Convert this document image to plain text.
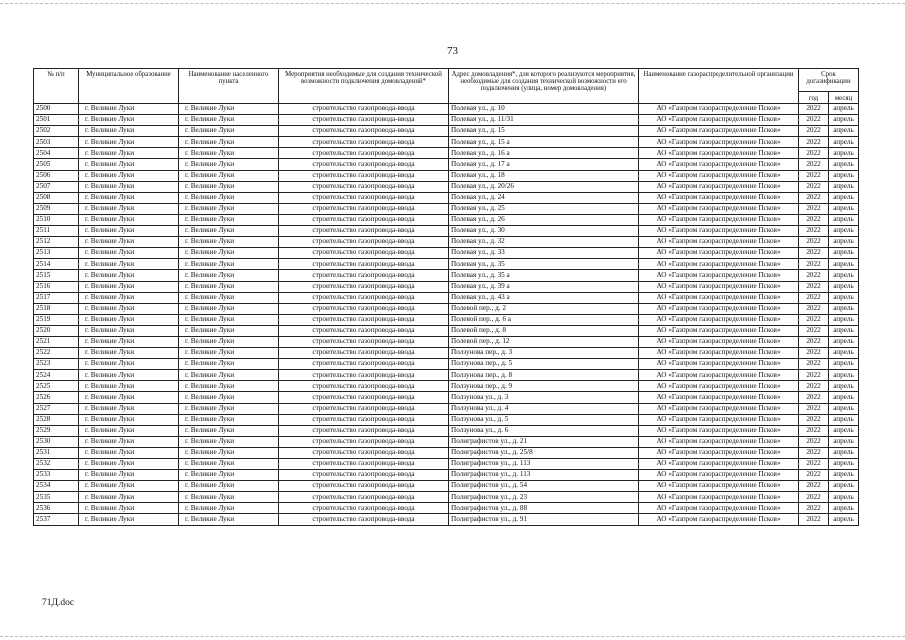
73
№ п/п	Муниципальное образование	Наименование населенного пункта	Мероприятия необходимые для создания технической возможности подключения домовладений*	Адрес домовладения*, для которого реализуются мероприятия, необходимые для создания технической возможности его подключения (улица, номер домовладения)	Наименование газораспределительной организации	Срок догазификации	
						год	месяц
2500	г. Великие Луки	г. Великие Луки	строительство газопровода-ввода	Полевая ул., д. 10	АО «Газпром газораспределение Псков»	2022	апрель
2501	г. Великие Луки	г. Великие Луки	строительство газопровода-ввода	Полевая ул., д. 11/31	АО «Газпром газораспределение Псков»	2022	апрель
2502	г. Великие Луки	г. Великие Луки	строительство газопровода-ввода	Полевая ул., д. 15	АО «Газпром газораспределение Псков»	2022	апрель
2503	г. Великие Луки	г. Великие Луки	строительство газопровода-ввода	Полевая ул., д. 15 а	АО «Газпром газораспределение Псков»	2022	апрель
2504	г. Великие Луки	г. Великие Луки	строительство газопровода-ввода	Полевая ул., д. 16 а	АО «Газпром газораспределение Псков»	2022	апрель
2505	г. Великие Луки	г. Великие Луки	строительство газопровода-ввода	Полевая ул., д. 17 а	АО «Газпром газораспределение Псков»	2022	апрель
2506	г. Великие Луки	г. Великие Луки	строительство газопровода-ввода	Полевая ул., д. 18	АО «Газпром газораспределение Псков»	2022	апрель
2507	г. Великие Луки	г. Великие Луки	строительство газопровода-ввода	Полевая ул., д. 20/26	АО «Газпром газораспределение Псков»	2022	апрель
2508	г. Великие Луки	г. Великие Луки	строительство газопровода-ввода	Полевая ул., д. 24	АО «Газпром газораспределение Псков»	2022	апрель
2509	г. Великие Луки	г. Великие Луки	строительство газопровода-ввода	Полевая ул., д. 25	АО «Газпром газораспределение Псков»	2022	апрель
2510	г. Великие Луки	г. Великие Луки	строительство газопровода-ввода	Полевая ул., д. 26	АО «Газпром газораспределение Псков»	2022	апрель
2511	г. Великие Луки	г. Великие Луки	строительство газопровода-ввода	Полевая ул., д. 30	АО «Газпром газораспределение Псков»	2022	апрель
2512	г. Великие Луки	г. Великие Луки	строительство газопровода-ввода	Полевая ул., д. 32	АО «Газпром газораспределение Псков»	2022	апрель
2513	г. Великие Луки	г. Великие Луки	строительство газопровода-ввода	Полевая ул., д. 33	АО «Газпром газораспределение Псков»	2022	апрель
2514	г. Великие Луки	г. Великие Луки	строительство газопровода-ввода	Полевая ул., д. 35	АО «Газпром газораспределение Псков»	2022	апрель
2515	г. Великие Луки	г. Великие Луки	строительство газопровода-ввода	Полевая ул., д. 35 а	АО «Газпром газораспределение Псков»	2022	апрель
2516	г. Великие Луки	г. Великие Луки	строительство газопровода-ввода	Полевая ул., д. 39 а	АО «Газпром газораспределение Псков»	2022	апрель
2517	г. Великие Луки	г. Великие Луки	строительство газопровода-ввода	Полевая ул., д. 43 а	АО «Газпром газораспределение Псков»	2022	апрель
2518	г. Великие Луки	г. Великие Луки	строительство газопровода-ввода	Полевой пер., д. 2	АО «Газпром газораспределение Псков»	2022	апрель
2519	г. Великие Луки	г. Великие Луки	строительство газопровода-ввода	Полевой пер., д. 6 а	АО «Газпром газораспределение Псков»	2022	апрель
2520	г. Великие Луки	г. Великие Луки	строительство газопровода-ввода	Полевой пер., д. 8	АО «Газпром газораспределение Псков»	2022	апрель
2521	г. Великие Луки	г. Великие Луки	строительство газопровода-ввода	Полевой пер., д. 12	АО «Газпром газораспределение Псков»	2022	апрель
2522	г. Великие Луки	г. Великие Луки	строительство газопровода-ввода	Ползунова пер., д. 3	АО «Газпром газораспределение Псков»	2022	апрель
2523	г. Великие Луки	г. Великие Луки	строительство газопровода-ввода	Ползунова пер., д. 5	АО «Газпром газораспределение Псков»	2022	апрель
2524	г. Великие Луки	г. Великие Луки	строительство газопровода-ввода	Ползунова пер., д. 8	АО «Газпром газораспределение Псков»	2022	апрель
2525	г. Великие Луки	г. Великие Луки	строительство газопровода-ввода	Ползунова пер., д. 9	АО «Газпром газораспределение Псков»	2022	апрель
2526	г. Великие Луки	г. Великие Луки	строительство газопровода-ввода	Ползунова ул., д. 3	АО «Газпром газораспределение Псков»	2022	апрель
2527	г. Великие Луки	г. Великие Луки	строительство газопровода-ввода	Ползунова ул., д. 4	АО «Газпром газораспределение Псков»	2022	апрель
2528	г. Великие Луки	г. Великие Луки	строительство газопровода-ввода	Ползунова ул., д. 5	АО «Газпром газораспределение Псков»	2022	апрель
2529	г. Великие Луки	г. Великие Луки	строительство газопровода-ввода	Ползунова ул., д. 6	АО «Газпром газораспределение Псков»	2022	апрель
2530	г. Великие Луки	г. Великие Луки	строительство газопровода-ввода	Полиграфистов ул., д. 21	АО «Газпром газораспределение Псков»	2022	апрель
2531	г. Великие Луки	г. Великие Луки	строительство газопровода-ввода	Полиграфистов ул., д. 25/8	АО «Газпром газораспределение Псков»	2022	апрель
2532	г. Великие Луки	г. Великие Луки	строительство газопровода-ввода	Полиграфистов ул., д. 113	АО «Газпром газораспределение Псков»	2022	апрель
2533	г. Великие Луки	г. Великие Луки	строительство газопровода-ввода	Полиграфистов ул., д. 113	АО «Газпром газораспределение Псков»	2022	апрель
2534	г. Великие Луки	г. Великие Луки	строительство газопровода-ввода	Полиграфистов ул., д. 54	АО «Газпром газораспределение Псков»	2022	апрель
2535	г. Великие Луки	г. Великие Луки	строительство газопровода-ввода	Полиграфистов ул., д. 23	АО «Газпром газораспределение Псков»	2022	апрель
2536	г. Великие Луки	г. Великие Луки	строительство газопровода-ввода	Полиграфистов ул., д. 88	АО «Газпром газораспределение Псков»	2022	апрель
2537	г. Великие Луки	г. Великие Луки	строительство газопровода-ввода	Полиграфистов ул., д. 91	АО «Газпром газораспределение Псков»	2022	апрель
71Д.doc
